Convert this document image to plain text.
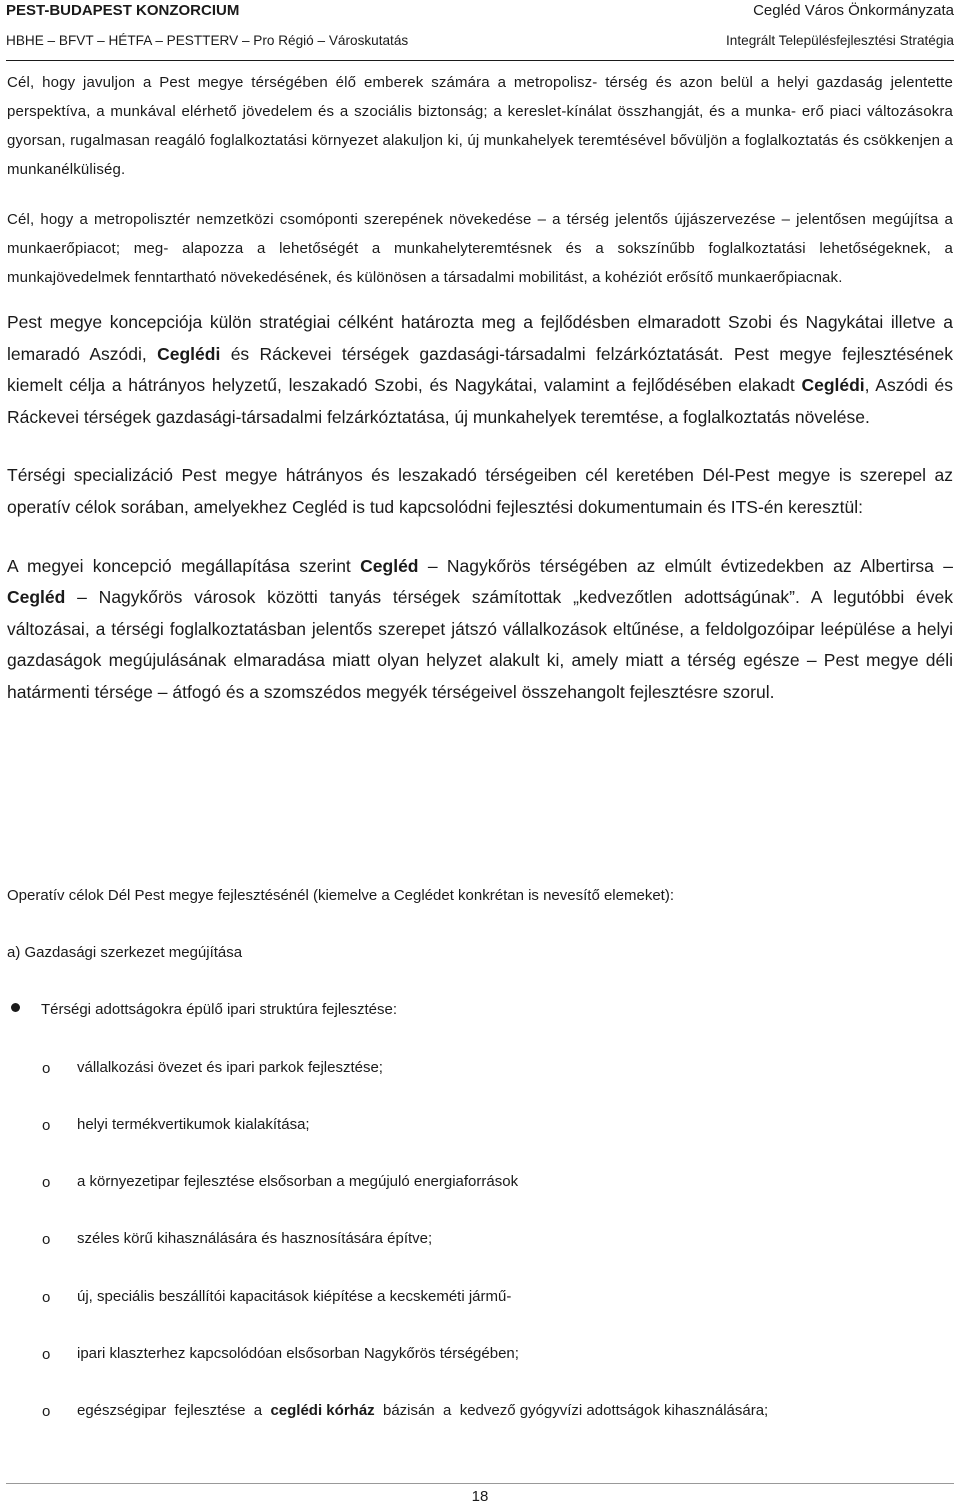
PEST-BUDAPEST KONZORCIUM	Cegléd Város Önkormányzata
HBHE – BFVT – HÉTFA – PESTTERV – Pro Régió – Városkutatás	Integrált Településfejlesztési Stratégia

Cél, hogy javuljon a Pest megye térségében élő emberek számára a metropolisz- térség és azon belül a helyi gazdaság jelentette perspektíva, a munkával elérhető jövedelem és a szociális biztonság; a kereslet-kínálat összhangját, és a munka- erő piaci változásokra gyorsan, rugalmasan reagáló foglalkoztatási környezet alakuljon ki, új munkahelyek teremtésével bővüljön a foglalkoztatás és csökkenjen a munkanélküliség.

Cél, hogy a metropolisztér nemzetközi csomóponti szerepének növekedése – a térség jelentős újjászervezése – jelentősen megújítsa a munkaerőpiacot; meg- alapozza a lehetőségét a munkahelyteremtésnek és a sokszínűbb foglalkoztatási lehetőségeknek, a munkajövedelmek fenntartható növekedésének, és különösen a társadalmi mobilitást, a kohéziót erősítő munkaerőpiacnak.

Pest megye koncepciója külön stratégiai célként határozta meg a fejlődésben elmaradott Szobi és Nagykátai illetve a lemaradó Aszódi, Ceglédi és Ráckevei térségek gazdasági-társadalmi felzárkóztatását. Pest megye fejlesztésének kiemelt célja a hátrányos helyzetű, leszakadó Szobi, és Nagykátai, valamint a fejlődésében elakadt Ceglédi, Aszódi és Ráckevei térségek gazdasági-társadalmi felzárkóztatása, új munkahelyek teremtése, a foglalkoztatás növelése.

Térségi specializáció Pest megye hátrányos és leszakadó térségeiben cél keretében Dél-Pest megye is szerepel az operatív célok sorában, amelyekhez Cegléd is tud kapcsolódni fejlesztési dokumentumain és ITS-én keresztül:

A megyei koncepció megállapítása szerint Cegléd – Nagykőrös térségében az elmúlt évtizedekben az Albertirsa – Cegléd – Nagykőrös városok közötti tanyás térségek számítottak „kedvezőtlen adottságúnak”. A legutóbbi évek változásai, a térségi foglalkoztatásban jelentős szerepet játszó vállalkozások eltűnése, a feldolgozóipar leépülése a helyi gazdaságok megújulásának elmaradása miatt olyan helyzet alakult ki, amely miatt a térség egésze – Pest megye déli határmenti térsége – átfogó és a szomszédos megyék térségeivel összehangolt fejlesztésre szorul.

Operatív célok Dél Pest megye fejlesztésénél (kiemelve a Ceglédet konkrétan is nevesítő elemeket):
a) Gazdasági szerkezet megújítása
Térségi adottságokra épülő ipari struktúra fejlesztése:
o vállalkozási övezet és ipari parkok fejlesztése;
o helyi termékvertikumok kialakítása;
o a környezetipar fejlesztése elsősorban a megújuló energiaforrások
o széles körű kihasználására és hasznosítására építve;
o új, speciális beszállítói kapacitások kiépítése a kecskeméti jármű-
o ipari klaszterhez kapcsolódóan elsősorban Nagykőrös térségében;
o egészségipar  fejlesztése  a  ceglédi kórház  bázisán  a  kedvező gyógyvízi adottságok kihasználására;
18
